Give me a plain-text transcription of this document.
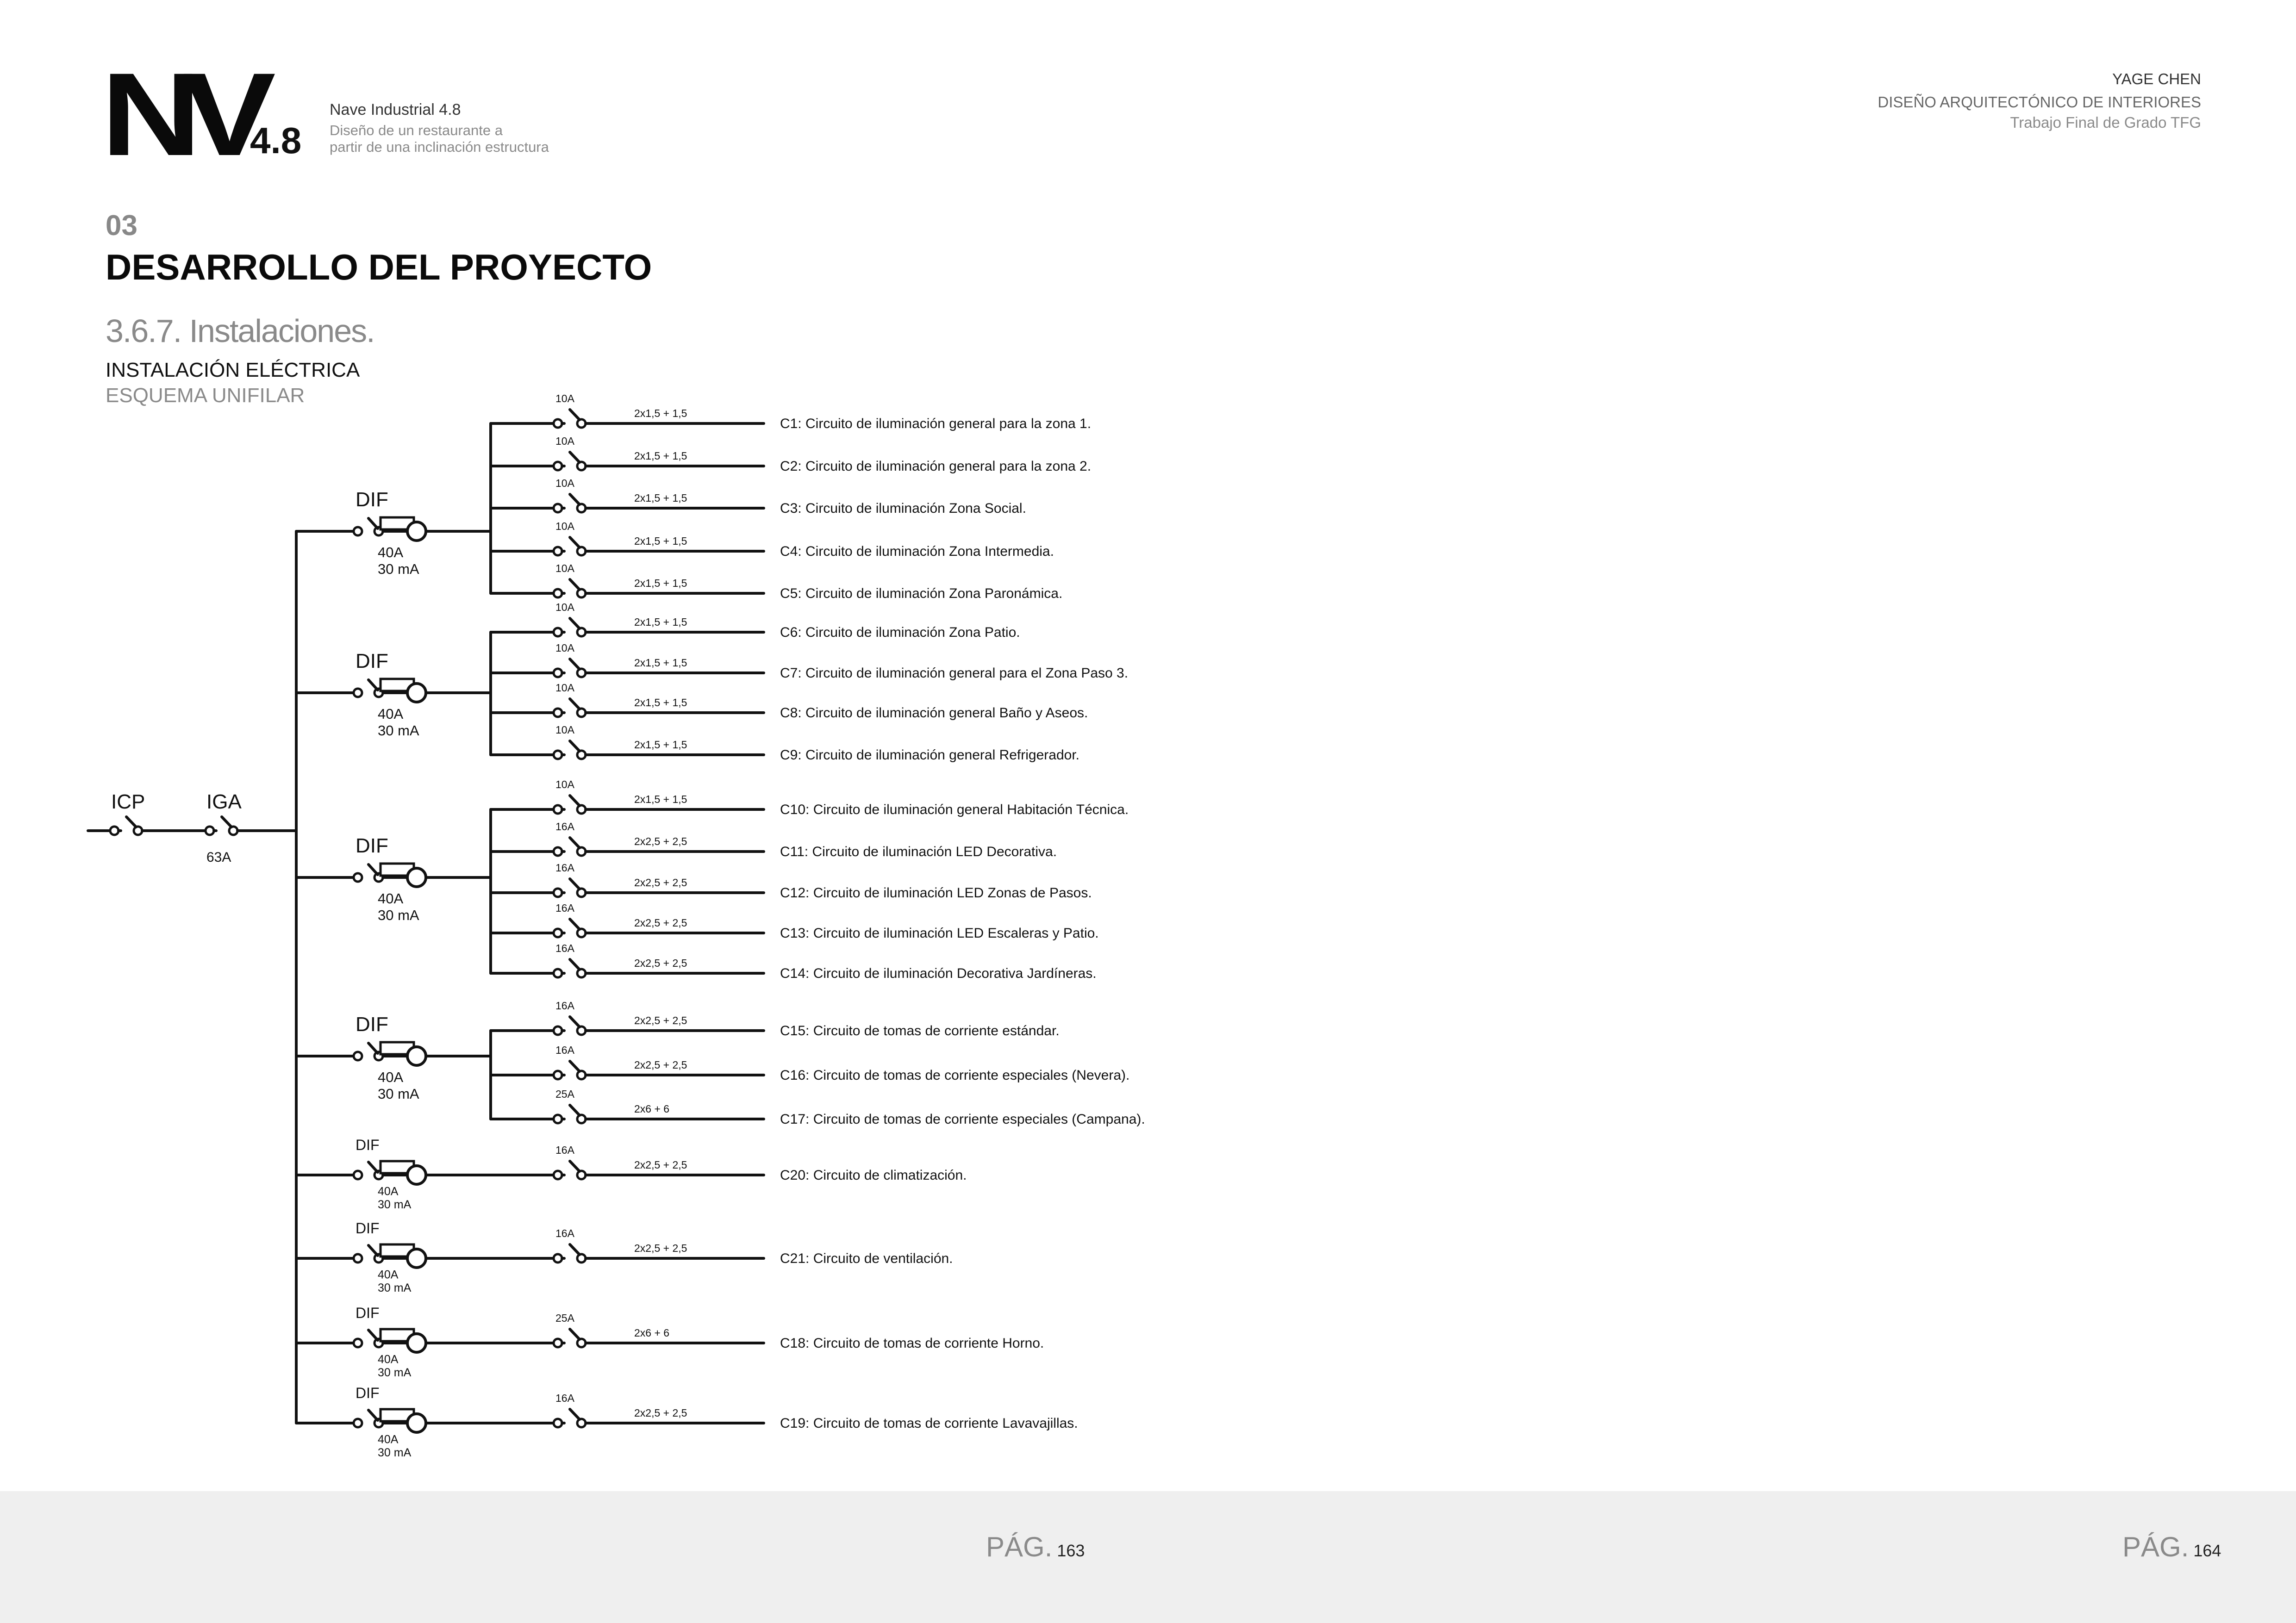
NV
4.8
Nave Industrial 4.8
Diseño de un restaurante a
partir de una inclinación estructura
YAGE CHEN
DISEÑO ARQUITECTÓNICO DE INTERIORES
Trabajo Final de Grado TFG
03
DESARROLLO DEL PROYECTO
3.6.7. Instalaciones.
INSTALACIÓN ELÉCTRICA
ESQUEMA UNIFILAR
ICP	IGA
63A
DIF
40A
30 mA
10A
2x1,5 + 1,5
C1: Circuito de iluminación general para la zona 1.
10A
2x1,5 + 1,5
C2: Circuito de iluminación general para la zona 2.
10A
2x1,5 + 1,5
C3: Circuito de iluminación Zona Social.
10A
2x1,5 + 1,5
C4: Circuito de iluminación Zona Intermedia.
10A
2x1,5 + 1,5
C5: Circuito de iluminación Zona Paronámica.
DIF
40A
30 mA
10A
2x1,5 + 1,5
C6: Circuito de iluminación Zona Patio.
10A
2x1,5 + 1,5
C7: Circuito de iluminación general para el Zona Paso 3.
10A
2x1,5 + 1,5
C8: Circuito de iluminación general Baño y Aseos.
10A
2x1,5 + 1,5
C9: Circuito de iluminación general Refrigerador.
DIF
40A
30 mA
10A
2x1,5 + 1,5
C10: Circuito de iluminación general Habitación Técnica.
16A
2x2,5 + 2,5
C11: Circuito de iluminación LED Decorativa.
16A
2x2,5 + 2,5
C12: Circuito de iluminación LED Zonas de Pasos.
16A
2x2,5 + 2,5
C13: Circuito de iluminación LED Escaleras y Patio.
16A
2x2,5 + 2,5
C14: Circuito de iluminación Decorativa Jardíneras.
DIF
40A
30 mA
16A
2x2,5 + 2,5
C15: Circuito de tomas de corriente estándar.
16A
2x2,5 + 2,5
C16: Circuito de tomas de corriente especiales (Nevera).
25A
2x6 + 6
C17: Circuito de tomas de corriente especiales (Campana).
DIF
40A
30 mA
16A
2x2,5 + 2,5
C20: Circuito de climatización.
DIF
40A
30 mA
16A
2x2,5 + 2,5
C21: Circuito de ventilación.
DIF
40A
30 mA
25A
2x6 + 6
C18: Circuito de tomas de corriente Horno.
DIF
40A
30 mA
16A
2x2,5 + 2,5
C19: Circuito de tomas de corriente Lavavajillas.
PÁG. 163	PÁG. 164
